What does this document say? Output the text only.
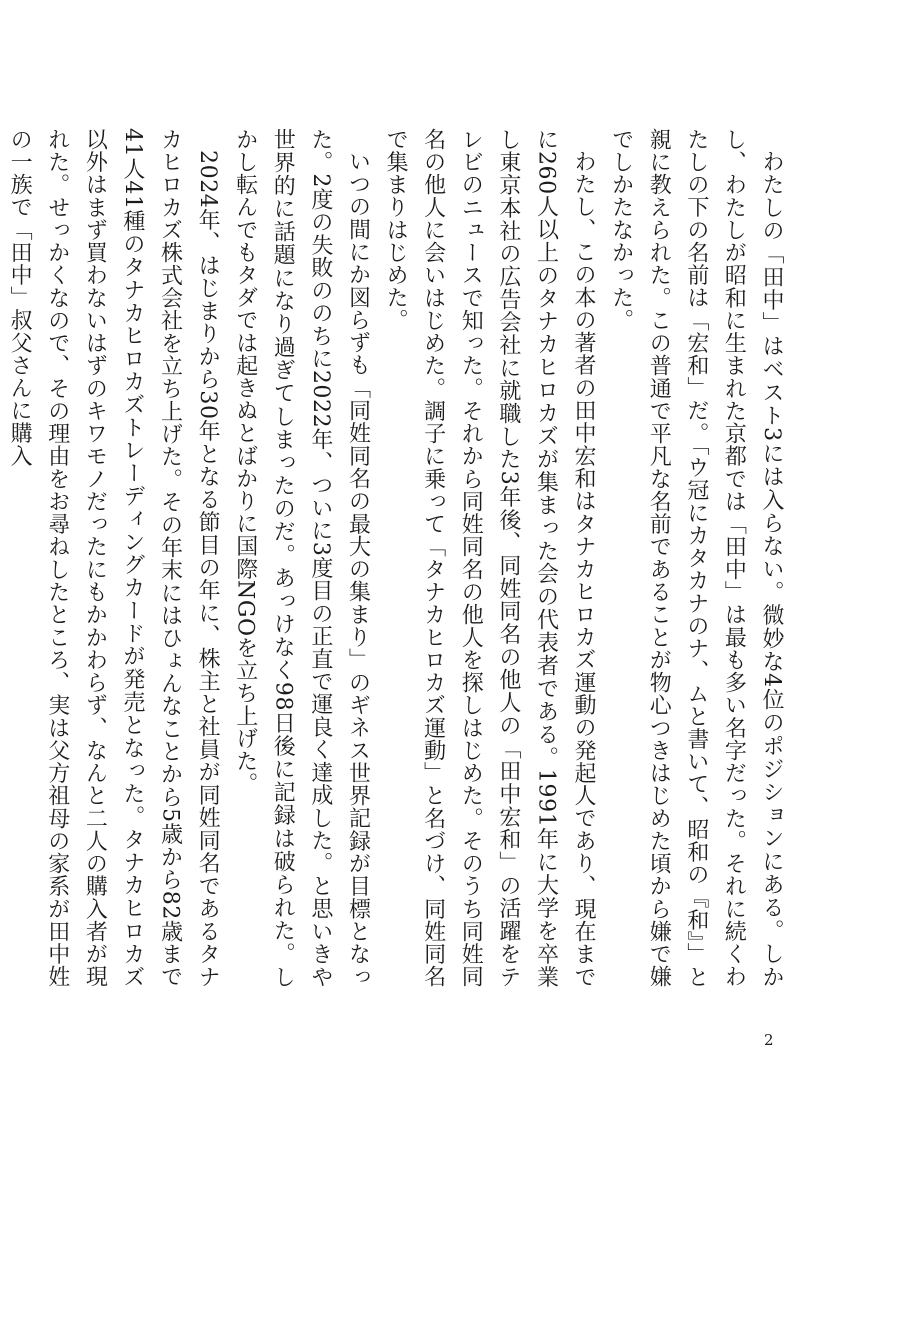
わたしの「田中」はベスト3には入らない。微妙な4位のポジションにある。しかし、わたしが昭和に生まれた京都では「田中」は最も多い名字だった。それに続くわたしの下の名前は「宏和」だ。「ウ冠にカタカナのナ、ムと書いて、昭和の『和』」と親に教えられた。この普通で平凡な名前であることが物心つきはじめた頃から嫌で嫌でしかたなかった。

わたし、この本の著者の田中宏和はタナカヒロカズ運動の発起人であり、現在までに260人以上のタナカヒロカズが集まった会の代表者である。1991年に大学を卒業し東京本社の広告会社に就職した3年後、同姓同名の他人の「田中宏和」の活躍をテレビのニュースで知った。それから同姓同名の他人を探しはじめた。そのうち同姓同名の他人に会いはじめた。調子に乗って「タナカヒロカズ運動」と名づけ、同姓同名で集まりはじめた。

いつの間にか図らずも「同姓同名の最大の集まり」のギネス世界記録が目標となった。2度の失敗ののちに2022年、ついに3度目の正直で運良く達成した。と思いきや世界的に話題になり過ぎてしまったのだ。あっけなく98日後に記録は破られた。しかし転んでもタダでは起きぬとばかりに国際NGOを立ち上げた。

2024年、はじまりから30年となる節目の年に、株主と社員が同姓同名であるタナカヒロカズ株式会社を立ち上げた。その年末にはひょんなことから5歳から82歳まで41人41種のタナカヒロカズトレーディングカードが発売となった。タナカヒロカズ以外はまず買わないはずのキワモノだったにもかかわらず、なんと二人の購入者が現れた。せっかくなので、その理由をお尋ねしたところ、実は父方祖母の家系が田中姓の一族で「田中」叔父さんに購入

2
